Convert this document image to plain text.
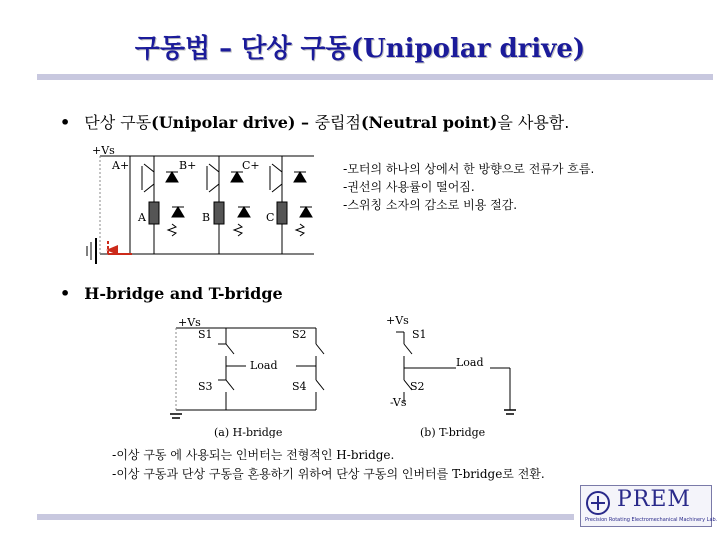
구동법 – 단상 구동(Unipolar drive)
• 단상 구동(Unipolar drive) – 중립점(Neutral point)을 사용함.
+Vs
A+	B+	C+
A	B	C
-모터의 하나의 상에서 한 방향으로 전류가 흐름.
-권선의 사용률이 떨어짐.
-스위칭 소자의 감소로 비용 절감.
• H-bridge and T-bridge
+Vs
S1	S2
S3	S4
Load
(a) H-bridge
+Vs
S1
Load
S2
-Vs
(b) T-bridge
-이상 구동 에 사용되는 인버터는 전형적인 H-bridge.
-이상 구동과 단상 구동을 혼용하기 위하여 단상 구동의 인버터를 T-bridge로 전환.
PREM
Precision Rotating Electromechanical Machinery Lab.
